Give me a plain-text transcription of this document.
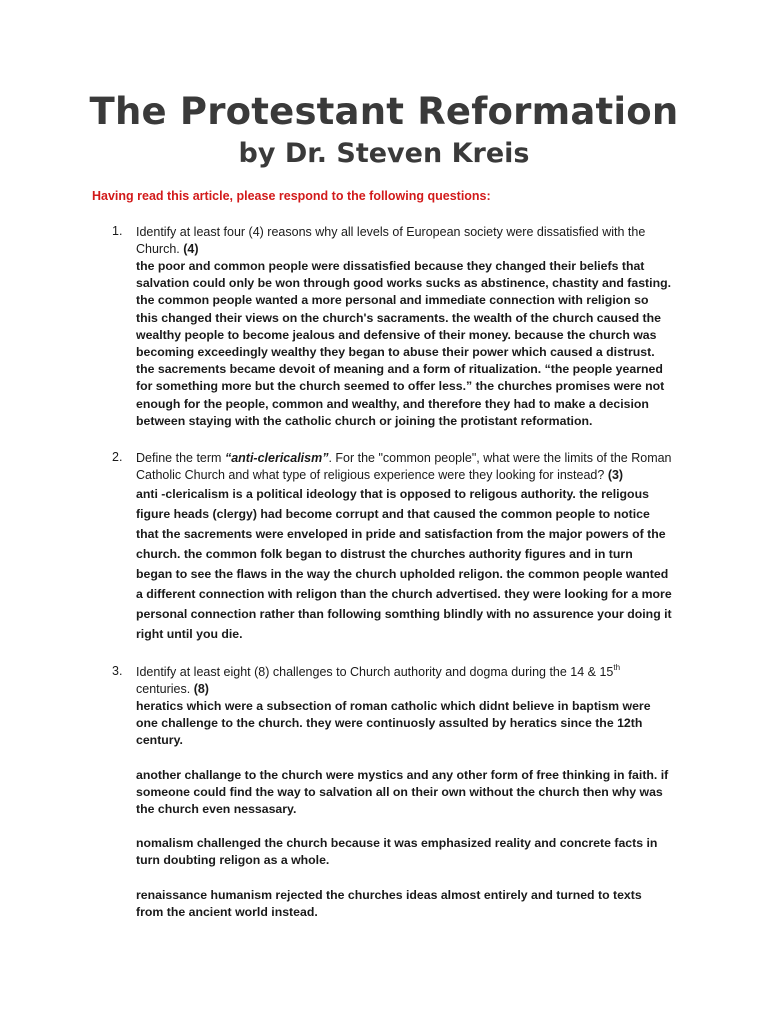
The Protestant Reformation
by Dr. Steven Kreis
Having read this article, please respond to the following questions:
1.	Identify at least four (4) reasons why all levels of European society were dissatisfied with the Church. (4)
the poor and common people were dissatisfied because they changed their beliefs that salvation could only be won through good works sucks as abstinence, chastity and fasting. the common people wanted a more personal and immediate connection with religion so this changed their views on the church's sacraments. the wealth of the church caused the wealthy people to become jealous and defensive of their money. because the church was becoming exceedingly wealthy they began to abuse their power which caused a distrust. the sacrements became devoit of meaning and a form of ritualization. “the people yearned for something more but the church seemed to offer less.” the churches promises were not enough for the people, common and wealthy, and therefore they had to make a decision between staying with the catholic church or joining the protistant reformation.
2.	Define the term “anti-clericalism”. For the "common people", what were the limits of the Roman Catholic Church and what type of religious experience were they looking for instead? (3)
anti -clericalism is a political ideology that is opposed to religous authority. the religous figure heads (clergy) had become corrupt and that caused the common people to notice that the sacrements were enveloped in pride and satisfaction from the major powers of the church. the common folk began to distrust the churches authority figures and in turn began to see the flaws in the way the church upholded religon. the common people wanted a different connection with religon than the church advertised. they were looking for a more personal connection rather than following somthing blindly with no assurence your doing it right until you die.
3.	Identify at least eight (8) challenges to Church authority and dogma during the 14 & 15th centuries. (8)

heratics which were a subsection of roman catholic which didnt believe in baptism were one challenge to the church. they were continuosly assulted by heratics since the 12th century.

another challange to the church were mystics and any other form of free thinking in faith. if someone could find the way to salvation all on their own without the church then why was the church even nessasary.

nomalism challenged the church because it was emphasized reality and concrete facts in turn doubting religon as a whole.

renaissance humanism rejected the churches ideas almost entirely and turned to texts from the ancient world instead.
